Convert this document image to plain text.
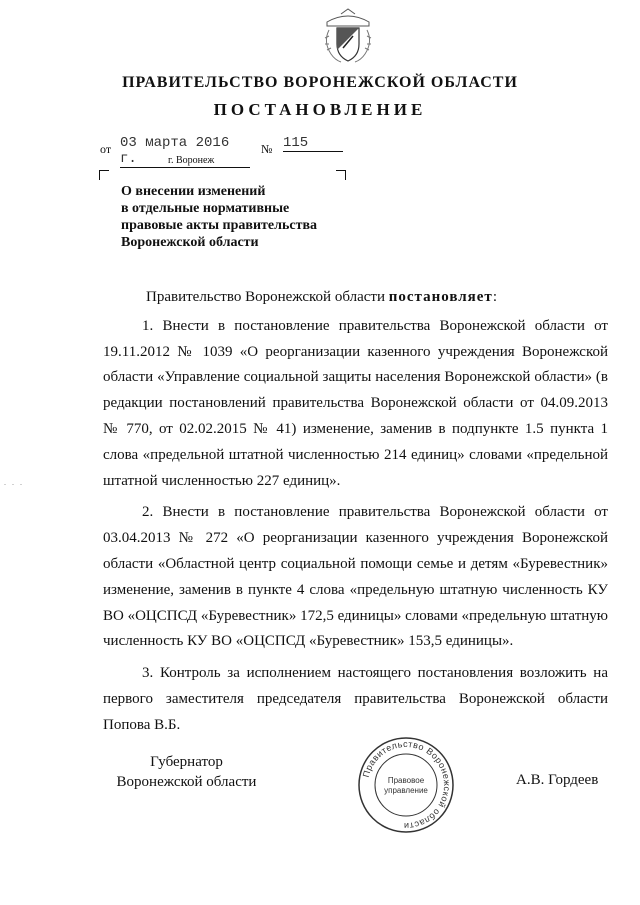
ПРАВИТЕЛЬСТВО ВОРОНЕЖСКОЙ ОБЛАСТИ
ПОСТАНОВЛЕНИЕ
от 03 марта 2016 г.
№ 115
г. Воронеж
О внесении изменений
в отдельные нормативные
правовые акты правительства
Воронежской области

Правительство Воронежской области постановляет:

1. Внести в постановление правительства Воронежской области от 19.11.2012 № 1039 «О реорганизации казенного учреждения Воронежской области «Управление социальной защиты населения Воронежской области» (в редакции постановлений правительства Воронежской области от 04.09.2013 № 770, от 02.02.2015 № 41) изменение, заменив в подпункте 1.5 пункта 1 слова «предельной штатной численностью 214 единиц» словами «предельной штатной численностью 227 единиц».

2. Внести в постановление правительства Воронежской области от 03.04.2013 № 272 «О реорганизации казенного учреждения Воронежской области «Областной центр социальной помощи семье и детям «Буревестник» изменение, заменив в пункте 4 слова «предельную штатную численность КУ ВО «ОЦСПСД «Буревестник» 172,5 единицы» словами «предельную штатную численность КУ ВО «ОЦСПСД «Буревестник» 153,5 единицы».

3. Контроль за исполнением настоящего постановления возложить на первого заместителя председателя правительства Воронежской области Попова В.Б.

Губернатор
Воронежской области
Правительство Воронежской области
Правовое
управление
А.В. Гордеев
. . .
